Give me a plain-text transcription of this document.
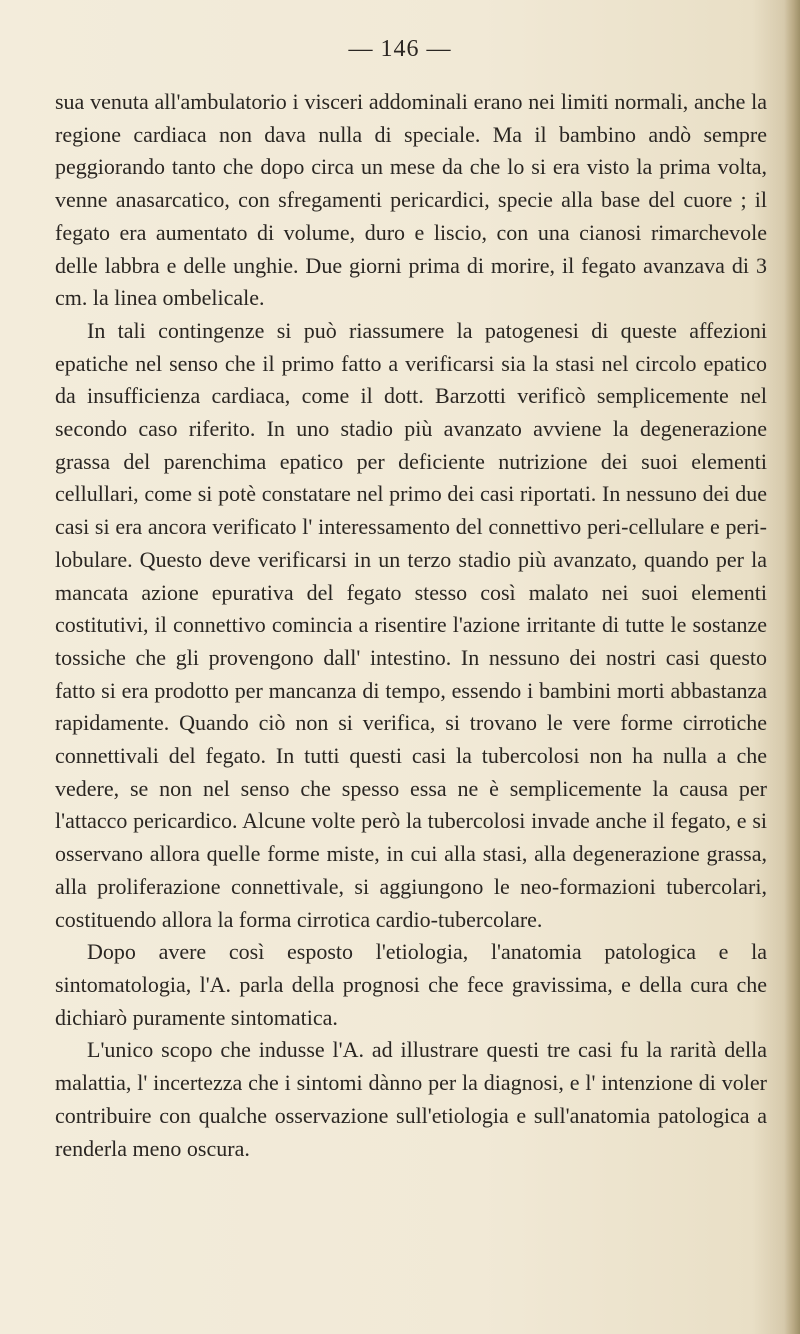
— 146 —

sua venuta all'ambulatorio i visceri addominali erano nei limiti normali, anche la regione cardiaca non dava nulla di speciale. Ma il bambino andò sempre peggiorando tanto che dopo circa un mese da che lo si era visto la prima volta, venne anasarcatico, con sfregamenti pericardici, specie alla base del cuore ; il fegato era aumentato di volume, duro e liscio, con una cianosi rimarchevole delle labbra e delle unghie. Due giorni prima di morire, il fegato avanzava di 3 cm. la linea ombelicale.

In tali contingenze si può riassumere la patogenesi di queste affezioni epatiche nel senso che il primo fatto a verificarsi sia la stasi nel circolo epatico da insufficienza cardiaca, come il dott. Barzotti verificò semplicemente nel secondo caso riferito. In uno stadio più avanzato avviene la degenerazione grassa del parenchima epatico per deficiente nutrizione dei suoi elementi cellullari, come si potè constatare nel primo dei casi riportati. In nessuno dei due casi si era ancora verificato l' interessamento del connettivo peri-cellulare e peri-lobulare. Questo deve verificarsi in un terzo stadio più avanzato, quando per la mancata azione epurativa del fegato stesso così malato nei suoi elementi costitutivi, il connettivo comincia a risentire l'azione irritante di tutte le sostanze tossiche che gli provengono dall' intestino. In nessuno dei nostri casi questo fatto si era prodotto per mancanza di tempo, essendo i bambini morti abbastanza rapidamente. Quando ciò non si verifica, si trovano le vere forme cirrotiche connettivali del fegato. In tutti questi casi la tubercolosi non ha nulla a che vedere, se non nel senso che spesso essa ne è semplicemente la causa per l'attacco pericardico. Alcune volte però la tubercolosi invade anche il fegato, e si osservano allora quelle forme miste, in cui alla stasi, alla degenerazione grassa, alla proliferazione connettivale, si aggiungono le neo-formazioni tubercolari, costituendo allora la forma cirrotica cardio-tubercolare.

Dopo avere così esposto l'etiologia, l'anatomia patologica e la sintomatologia, l'A. parla della prognosi che fece gravissima, e della cura che dichiarò puramente sintomatica.

L'unico scopo che indusse l'A. ad illustrare questi tre casi fu la rarità della malattia, l' incertezza che i sintomi dànno per la diagnosi, e l' intenzione di voler contribuire con qualche osservazione sull'etiologia e sull'anatomia patologica a renderla meno oscura.
